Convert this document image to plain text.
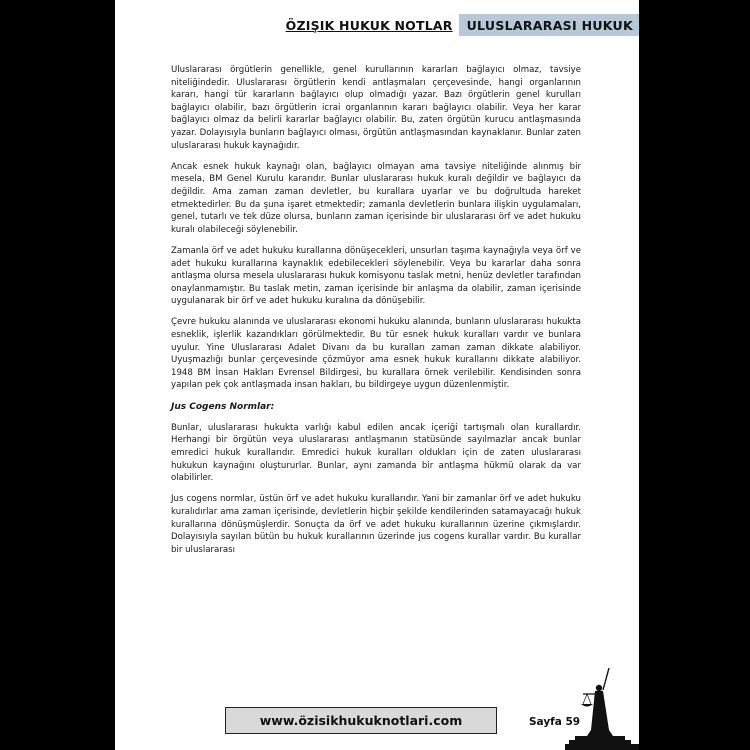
ÖZIŞIK HUKUK NOTLAR	ULUSLARARASI HUKUK

Uluslararası örgütlerin genellikle, genel kurullarının kararları bağlayıcı olmaz, tavsiye niteliğindedir. Uluslararası örgütlerin kendi antlaşmaları çerçevesinde, hangi organlarının kararı, hangi tür kararların bağlayıcı olup olmadığı yazar. Bazı örgütlerin genel kurulları bağlayıcı olabilir, bazı örgütlerin icrai organlarının kararı bağlayıcı olabilir. Veya her karar bağlayıcı olmaz da belirli kararlar bağlayıcı olabilir. Bu, zaten örgütün kurucu antlaşmasında yazar. Dolayısıyla bunların bağlayıcı olması, örgütün antlaşmasından kaynaklanır. Bunlar zaten uluslararası hukuk kaynağıdır.

Ancak esnek hukuk kaynağı olan, bağlayıcı olmayan ama tavsiye niteliğinde alınmış bir mesela, BM Genel Kurulu kararıdır. Bunlar uluslararası hukuk kuralı değildir ve bağlayıcı da değildir. Ama zaman zaman devletler, bu kurallara uyarlar ve bu doğrultuda hareket etmektedirler. Bu da şuna işaret etmektedir; zamanla devletlerin bunlara ilişkin uygulamaları, genel, tutarlı ve tek düze olursa, bunların zaman içerisinde bir uluslararası örf ve adet hukuku kuralı olabileceği söylenebilir.

Zamanla örf ve adet hukuku kurallarına dönüşecekleri, unsurları taşıma kaynağıyla veya örf ve adet hukuku kurallarına kaynaklık edebilecekleri söylenebilir. Veya bu kararlar daha sonra antlaşma olursa mesela uluslararası hukuk komisyonu taslak metni, henüz devletler tarafından onaylanmamıştır. Bu taslak metin, zaman içerisinde bir anlaşma da olabilir, zaman içerisinde uygulanarak bir örf ve adet hukuku kuralına da dönüşebilir.

Çevre hukuku alanında ve uluslararası ekonomi hukuku alanında, bunların uluslararası hukukta esneklik, işlerlik kazandıkları görülmektedir. Bu tür esnek hukuk kuralları vardır ve bunlara uyulur. Yine Uluslararası Adalet Divanı da bu kuralları zaman zaman dikkate alabiliyor. Uyuşmazlığı bunlar çerçevesinde çözmüyor ama esnek hukuk kurallarını dikkate alabiliyor. 1948 BM İnsan Hakları Evrensel Bildirgesi, bu kurallara örnek verilebilir. Kendisinden sonra yapılan pek çok antlaşmada insan hakları, bu bildirgeye uygun düzenlenmiştir.

Jus Cogens Normlar:

Bunlar, uluslararası hukukta varlığı kabul edilen ancak içeriği tartışmalı olan kurallardır. Herhangi bir örgütün veya uluslararası antlaşmanın statüsünde sayılmazlar ancak bunlar emredici hukuk kurallarıdır. Emredici hukuk kuralları oldukları için de zaten uluslararası hukukun kaynağını oluştururlar. Bunlar, aynı zamanda bir antlaşma hükmü olarak da var olabilirler.

Jus cogens normlar, üstün örf ve adet hukuku kurallarıdır. Yani bir zamanlar örf ve adet hukuku kuralıdırlar ama zaman içerisinde, devletlerin hiçbir şekilde kendilerinden satamayacağı hukuk kurallarına dönüşmüşlerdir. Sonuçta da örf ve adet hukuku kurallarının üzerine çıkmışlardır. Dolayısıyla sayılan bütün bu hukuk kurallarının üzerinde jus cogens kurallar vardır. Bu kurallar bir uluslararası

www.özisikhukuknotlari.com	Sayfa 59
